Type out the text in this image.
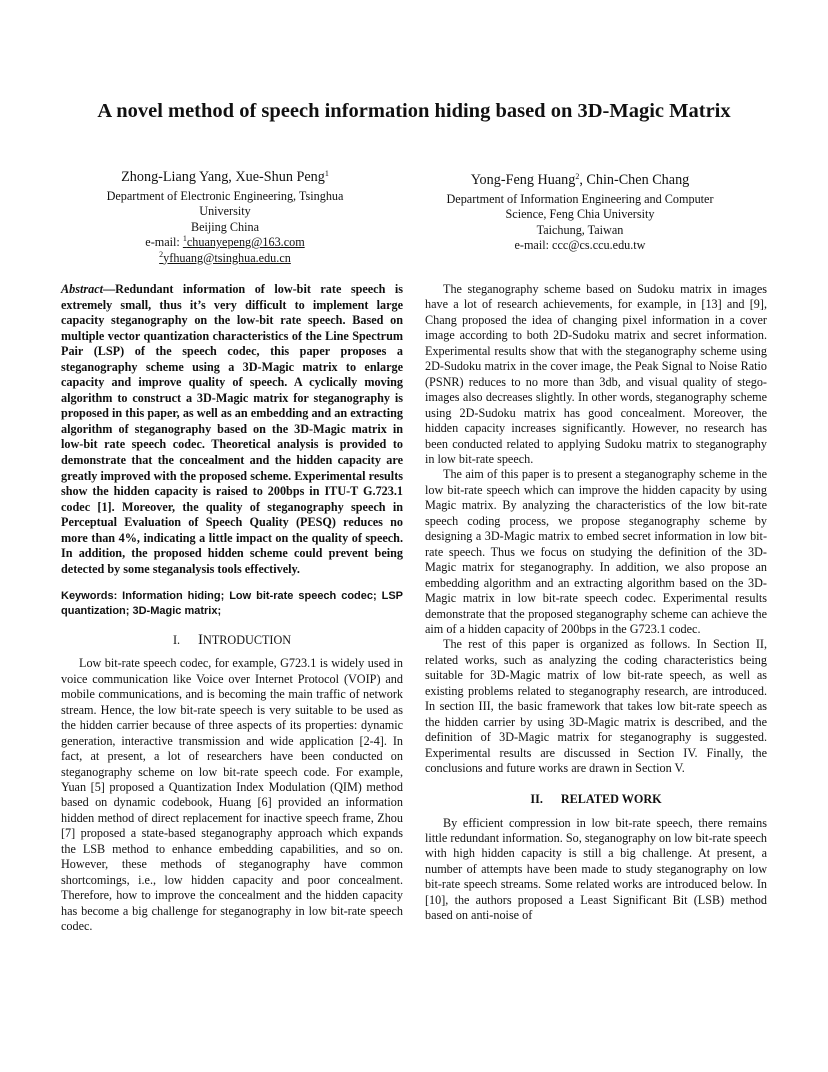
A novel method of speech information hiding based on 3D-Magic Matrix
Zhong-Liang Yang, Xue-Shun Peng$^1$
Department of Electronic Engineering, Tsinghua
University
Beijing China
e-mail: $^1$chuanyepeng@163.com
$^2$yfhuang@tsinghua.edu.cn
Yong-Feng Huang$^2$, Chin-Chen Chang
Department of Information Engineering and Computer
Science, Feng Chia University
Taichung, Taiwan
e-mail: ccc@cs.ccu.edu.tw

Abstract—Redundant information of low-bit rate speech is extremely small, thus it’s very difficult to implement large capacity steganography on the low-bit rate speech. Based on multiple vector quantization characteristics of the Line Spectrum Pair (LSP) of the speech codec, this paper proposes a steganography scheme using a 3D-Magic matrix to enlarge capacity and improve quality of speech. A cyclically moving algorithm to construct a 3D-Magic matrix for steganography is proposed in this paper, as well as an embedding and an extracting algorithm of steganography based on the 3D-Magic matrix in low-bit rate speech codec. Theoretical analysis is provided to demonstrate that the concealment and the hidden capacity are greatly improved with the proposed scheme. Experimental results show the hidden capacity is raised to 200bps in ITU-T G.723.1 codec [1]. Moreover, the quality of steganography speech in Perceptual Evaluation of Speech Quality (PESQ) reduces no more than 4%, indicating a little impact on the quality of speech. In addition, the proposed hidden scheme could prevent being detected by some steganalysis tools effectively.

Keywords: Information hiding; Low bit-rate speech codec; LSP quantization; 3D-Magic matrix;

I. INTRODUCTION

Low bit-rate speech codec, for example, G723.1 is widely used in voice communication like Voice over Internet Protocol (VOIP) and mobile communications, and is becoming the main traffic of network stream. Hence, the low bit-rate speech is very suitable to be used as the hidden carrier because of three aspects of its properties: dynamic generation, interactive transmission and wide application [2-4]. In fact, at present, a lot of researchers have been conducted on steganography scheme on low bit-rate speech code. For example, Yuan [5] proposed a Quantization Index Modulation (QIM) method based on dynamic codebook, Huang [6] provided an information hidden method of direct replacement for inactive speech frame, Zhou [7] proposed a state-based steganography approach which expands the LSB method to enhance embedding capabilities, and so on. However, these methods of steganography have common shortcomings, i.e., low hidden capacity and poor concealment. Therefore, how to improve the concealment and the hidden capacity has become a big challenge for steganography in low bit-rate speech codec.

The steganography scheme based on Sudoku matrix in images have a lot of research achievements, for example, in [13] and [9], Chang proposed the idea of changing pixel information in a cover image according to both 2D-Sudoku matrix and secret information. Experimental results show that with the steganography scheme using 2D-Sudoku matrix in the cover image, the Peak Signal to Noise Ratio (PSNR) reduces to no more than 3db, and visual quality of stego-images also decreases slightly. In other words, steganography scheme using 2D-Sudoku matrix has good concealment. Moreover, the hidden capacity increases significantly. However, no research has been conducted related to applying Sudoku matrix to steganography in low bit-rate speech.

The aim of this paper is to present a steganography scheme in the low bit-rate speech which can improve the hidden capacity by using Magic matrix. By analyzing the characteristics of the low bit-rate speech coding process, we propose steganography scheme by designing a 3D-Magic matrix to embed secret information in low bit-rate speech. Thus we focus on studying the definition of the 3D-Magic matrix for steganography. In addition, we also propose an embedding algorithm and an extracting algorithm based on the 3D-Magic matrix in low bit-rate speech codec. Experimental results demonstrate that the proposed steganography scheme can achieve the aim of a hidden capacity of 200bps in the G723.1 codec.

The rest of this paper is organized as follows. In Section II, related works, such as analyzing the coding characteristics being suitable for 3D-Magic matrix of low bit-rate speech, as well as existing problems related to steganography research, are introduced. In section III, the basic framework that takes low bit-rate speech as the hidden carrier by using 3D-Magic matrix is described, and the definition of 3D-Magic matrix for steganography is suggested. Experimental results are discussed in Section IV. Finally, the conclusions and future works are drawn in Section V.

II. RELATED WORK

By efficient compression in low bit-rate speech, there remains little redundant information. So, steganography on low bit-rate speech with high hidden capacity is still a big challenge. At present, a number of attempts have been made to study steganography on low bit-rate speech streams. Some related works are introduced below. In [10], the authors proposed a Least Significant Bit (LSB) method based on anti-noise of
